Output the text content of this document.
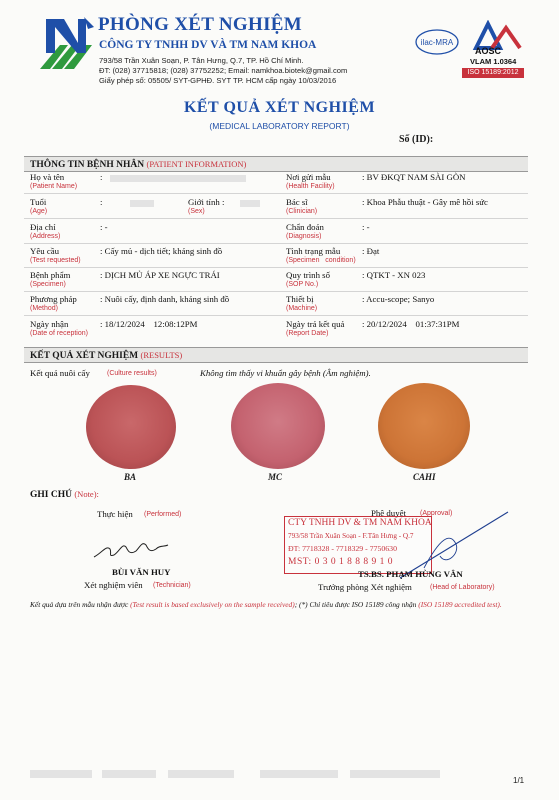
PHÒNG XÉT NGHIỆM
CÔNG TY TNHH DV VÀ TM NAM KHOA
793/58 Trần Xuân Soạn, P. Tân Hưng, Q.7, TP. Hồ Chí Minh.
ĐT: (028) 37715818; (028) 37752252; Email: namkhoa.biotek@gmail.com
Giấy phép số: 05505/ SYT-GPHĐ. SYT TP. HCM cấp ngày 10/03/2016
ilac-MRA
AOSC
VLAM 1.0364
ISO 15189:2012
KẾT QUẢ XÉT NGHIỆM
(MEDICAL LABORATORY REPORT)
Số (ID):
THÔNG TIN BỆNH NHÂN (PATIENT INFORMATION)
Họ và tên
(Patient Name)
:
Tuổi
(Age)
:	Giới tính :
(Sex)
Địa chỉ
(Address)
: -
Yêu cầu
(Test requested)
: Cấy mủ - dịch tiết; kháng sinh đồ
Bệnh phẩm
(Specimen)
: DỊCH MỦ ÁP XE NGỰC TRÁI
Phương pháp
(Method)
: Nuôi cấy, định danh, kháng sinh đồ
Ngày nhận
(Date of reception)
: 18/12/2024    12:08:12PM
Nơi gửi mẫu
(Health Facility)
: BV ĐKQT NAM SÀI GÒN
Bác sĩ
(Clinician)
: Khoa Phẫu thuật - Gây mê hồi sức
Chẩn đoán
(Diagnosis)
: -
Tình trạng mẫu
(Specimen   condition)
: Đạt
Quy trình số
(SOP No.)
: QTKT - XN 023
Thiết bị
(Machine)
: Accu-scope; Sanyo
Ngày trả kết quả
(Report Date)
: 20/12/2024    01:37:31PM
KẾT QUẢ XÉT NGHIỆM (RESULTS)
Kết quả nuôi cấy (Culture results)	Không tìm thấy vi khuẩn gây bệnh (Âm nghiệm).
BA	MC	CAHI
GHI CHÚ (Note):
Thực hiện (Performed)
BÙI VĂN HUY
Xét nghiệm viên (Technician)
Phê duyệt (Approval)
CTY TNHH DV & TM NAM KHOA
793/58 Trần Xuân Soạn - F.Tân Hưng - Q.7
ĐT: 7718328 - 7718329 - 7750630
MST: 0 3 0 1 8 8 8 9 1 0
TS.BS. PHẠM HÙNG VÂN
Trưởng phòng Xét nghiệm	(Head of Laboratory)
Kết quả dựa trên mẫu nhận được (Test result is based exclusively on the sample received); (*) Chỉ tiêu được ISO 15189 công nhận (ISO 15189 accredited test).
1/1
